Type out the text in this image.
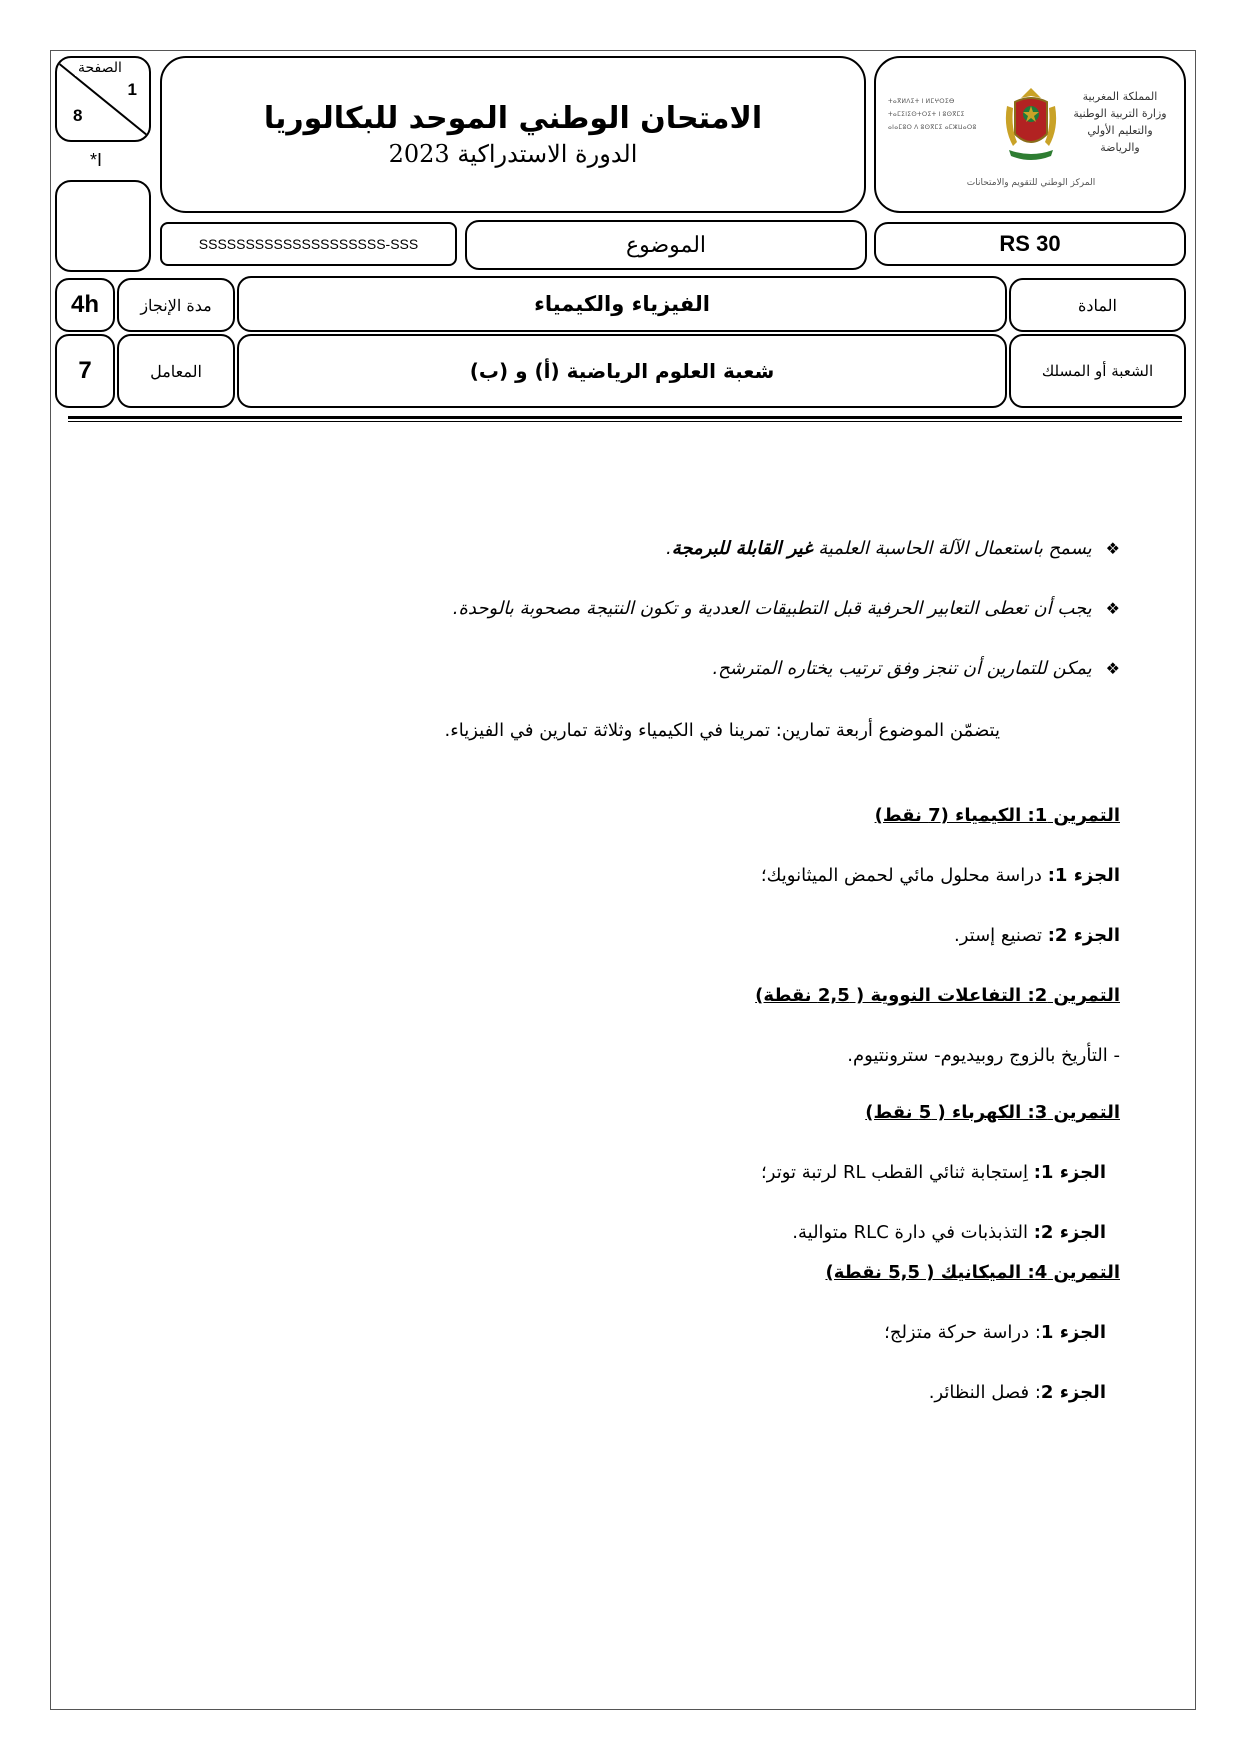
1
8
الصفحة
*I
الامتحان الوطني الموحد للبكالوريا
الدورة الاستدراكية 2023
المملكة المغربية
وزارة التربية الوطنية
والتعليم الأولي والرياضة
ⵜⴰⴳⵍⴷⵉⵜ ⵏ ⵍⵎⵖⵔⵉⴱ
ⵜⴰⵎⵉⵏⵉⵙⵜⵔⵉⵜ ⵏ ⵓⵙⴳⵎⵉ
ⴰⵏⴰⵎⵓⵔ ⴷ ⵓⵙⴳⵎⵉ ⴰⵎⵣⵡⴰⵔⵓ
المركز الوطني للتقويم والامتحانات
SSSSSSSSSSSSSSSSSSSS-SSS	الموضوع	RS 30
4h	مدة الإنجاز	الفيزياء والكيمياء	المادة
7	المعامل	شعبة العلوم الرياضية (أ) و (ب)	الشعبة أو المسلك
❖يسمح باستعمال الآلة الحاسبة العلمية غير القابلة للبرمجة.
❖يجب أن تعطى التعابير الحرفية قبل التطبيقات العددية و تكون النتيجة مصحوبة بالوحدة.
❖يمكن للتمارين أن تنجز وفق ترتيب يختاره المترشح.
يتضمّن الموضوع أربعة تمارين: تمرينا في الكيمياء وثلاثة تمارين في الفيزياء.
التمرين 1: الكيمياء (7 نقط)
الجزء 1: دراسة محلول مائي لحمض الميثانويك؛
الجزء 2: تصنيع إستر.
التمرين 2: التفاعلات النووية ( 2,5 نقطة)
- التأريخ بالزوج روبيديوم- سترونتيوم.
التمرين 3: الكهرباء ( 5 نقط)
الجزء 1: اِستجابة ثنائي القطب RL لرتبة توتر؛
الجزء 2: التذبذبات في دارة RLC متوالية.
التمرين 4: الميكانيك ( 5,5 نقطة)
الجزء 1: دراسة حركة متزلج؛
الجزء 2: فصل النظائر.
